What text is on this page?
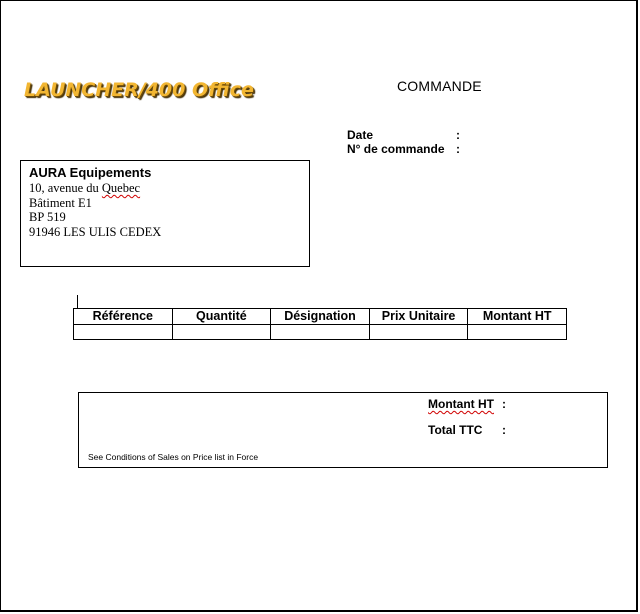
LAUNCHER/400 Office	COMMANDE
Date	:
N° de commande :
AURA Equipements
10, avenue du Quebec
Bâtiment E1
BP 519
91946 LES ULIS CEDEX
Référence	Quantité	Désignation	Prix Unitaire	Montant HT

Montant HT :
Total TTC :
See Conditions of Sales on Price list in Force
